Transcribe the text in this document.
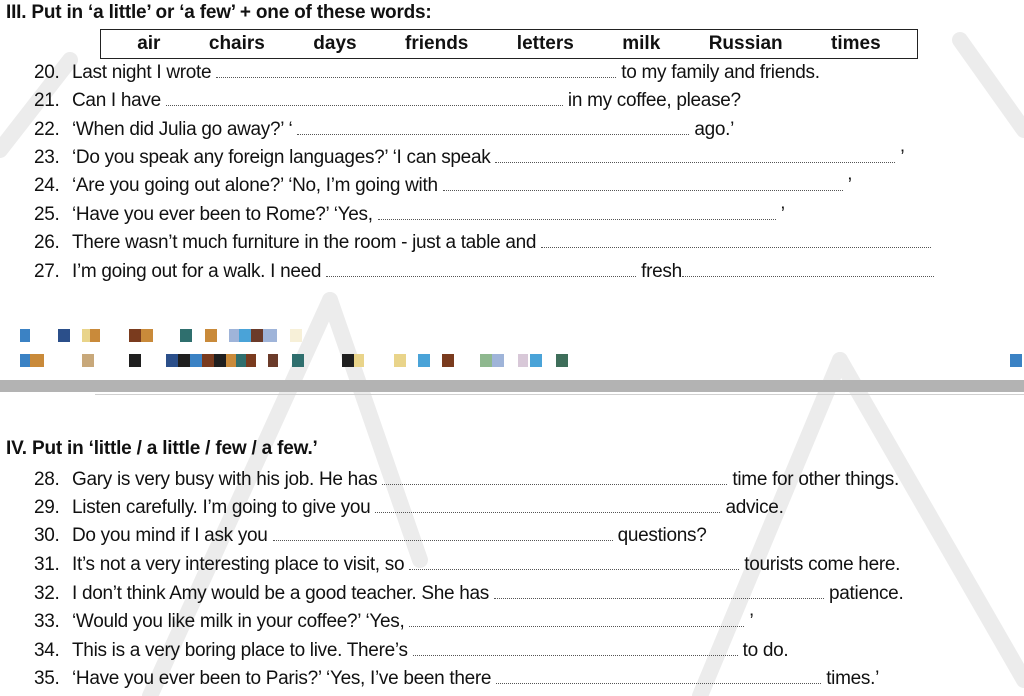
III. Put in ‘a little’ or ‘a few’ + one of these words:
air	chairs	days	friends	letters	milk	Russian	times
20. Last night I wrote	to my family and friends.
21. Can I have	in my coffee, please?
22. ‘When did Julia go away?’ ‘	ago.’
23. ‘Do you speak any foreign languages?’ ‘I can speak	’
24. ‘Are you going out alone?’ ‘No, I’m going with	’
25. ‘Have you ever been to Rome?’ ‘Yes,	’
26. There wasn’t much furniture in the room - just a table and
27. I’m going out for a walk. I need	fresh
IV. Put in ‘little / a little / few / a few.’
28. Gary is very busy with his job. He has	time for other things.
29. Listen carefully. I’m going to give you	advice.
30. Do you mind if I ask you	questions?
31. It’s not a very interesting place to visit, so	tourists come here.
32. I don’t think Amy would be a good teacher. She has	patience.
33. ‘Would you like milk in your coffee?’ ‘Yes,	’
34. This is a very boring place to live. There’s	to do.
35. ‘Have you ever been to Paris?’ ‘Yes, I’ve been there	times.’
